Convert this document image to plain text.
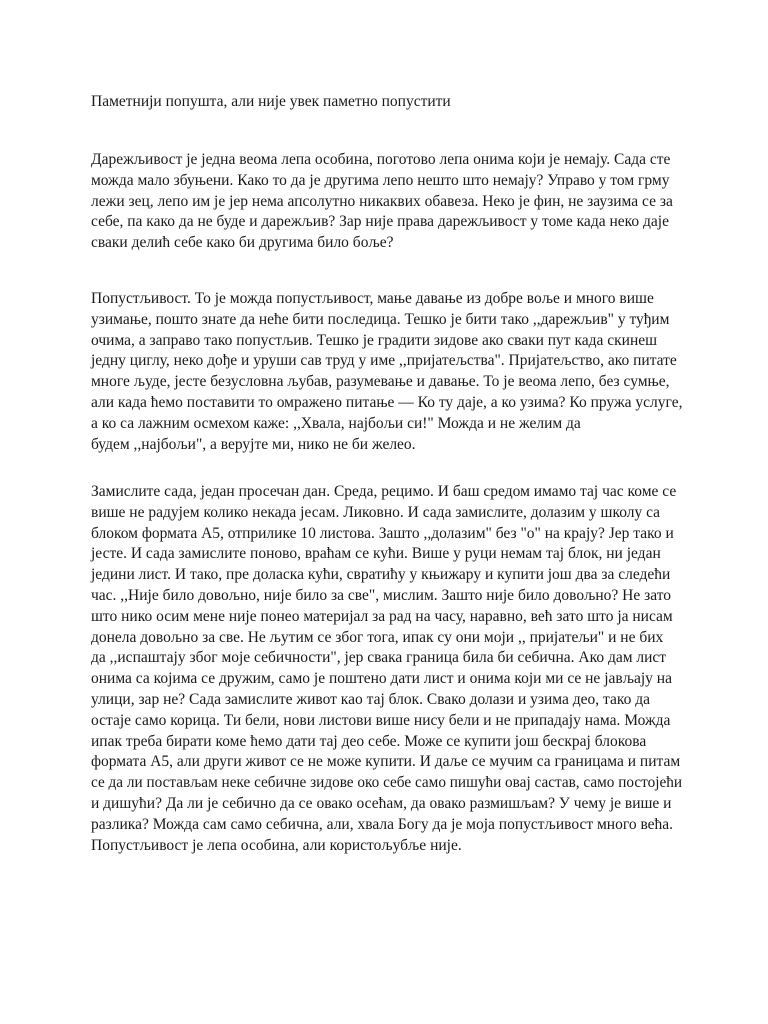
Паметнији попушта, али није увек паметно попустити
Дарежљивост је једна веома лепа особина, поготово лепа онима који је немају. Сада сте
можда мало збуњени. Како то да је другима лепо нешто што немају? Управо у том грму
лежи зец, лепо им је јер нема апсолутно никаквих обавеза. Неко је фин, не заузима се за
себе, па како да не буде и дарежљив? Зар није права дарежљивост у томе када неко даје
сваки делић себе како би другима било боље?
Попустљивост. То је можда попустљивост, мање давање из добре воље и много више
узимање, пошто знате да неће бити последица. Тешко је бити тако ,,дарежљив" у туђим
очима, а заправо тако попустљив. Тешко је градити зидове ако сваки пут када скинеш
једну циглу, неко дође и уруши сав труд у име ,,пријатељства". Пријатељство, ако питате
многе људе, јесте безусловна љубав, разумевање и давање. То је веома лепо, без сумње,
али када ћемо поставити то омражено питање — Ко ту даје, а ко узима? Ко пружа услуге,
а ко са лажним осмехом каже: ,,Хвала, најбољи си!" Можда и не желим да
будем ,,најбољи", а верујте ми, нико не би желео.
Замислите сада, један просечан дан. Среда, рецимо. И баш средом имамо тај час коме се
више не радујем колико некада јесам. Ликовно. И сада замислите, долазим у школу са
блоком формата А5, отприлике 10 листова. Зашто ,,долазим" без "о" на крају? Јер тако и
јесте. И сада замислите поново, враћам се кући. Више у руци немам тај блок, ни један
једини лист. И тако, пре доласка кући, свратићу у књижару и купити још два за следећи
час. ,,Није било довољно, није било за све", мислим. Зашто није било довољно? Не зато
што нико осим мене није понео материјал за рад на часу, наравно, већ зато што ја нисам
донела довољно за све. Не љутим се због тога, ипак су они моји ,, пријатељи" и не бих
да ,,испаштају због моје себичности", јер свака граница била би себична. Ако дам лист
онима са којима се дружим, само је поштено дати лист и онима који ми се не јављају на
улици, зар не? Сада замислите живот као тај блок. Свако долази и узима део, тако да
остаје само корица. Ти бели, нови листови више нису бели и не припадају нама. Можда
ипак треба бирати коме ћемо дати тај део себе. Може се купити још бескрај блокова
формата А5, али други живот се не може купити. И даље се мучим са границама и питам
се да ли постављам неке себичне зидове око себе само пишући овај састав, само постојећи
и дишући? Да ли је себично да се овако осећам, да овако размишљам? У чему је више и
разлика? Можда сам само себична, али, хвала Богу да је моја попустљивост много већа.
Попустљивост је лепа особина, али користољубље није.
